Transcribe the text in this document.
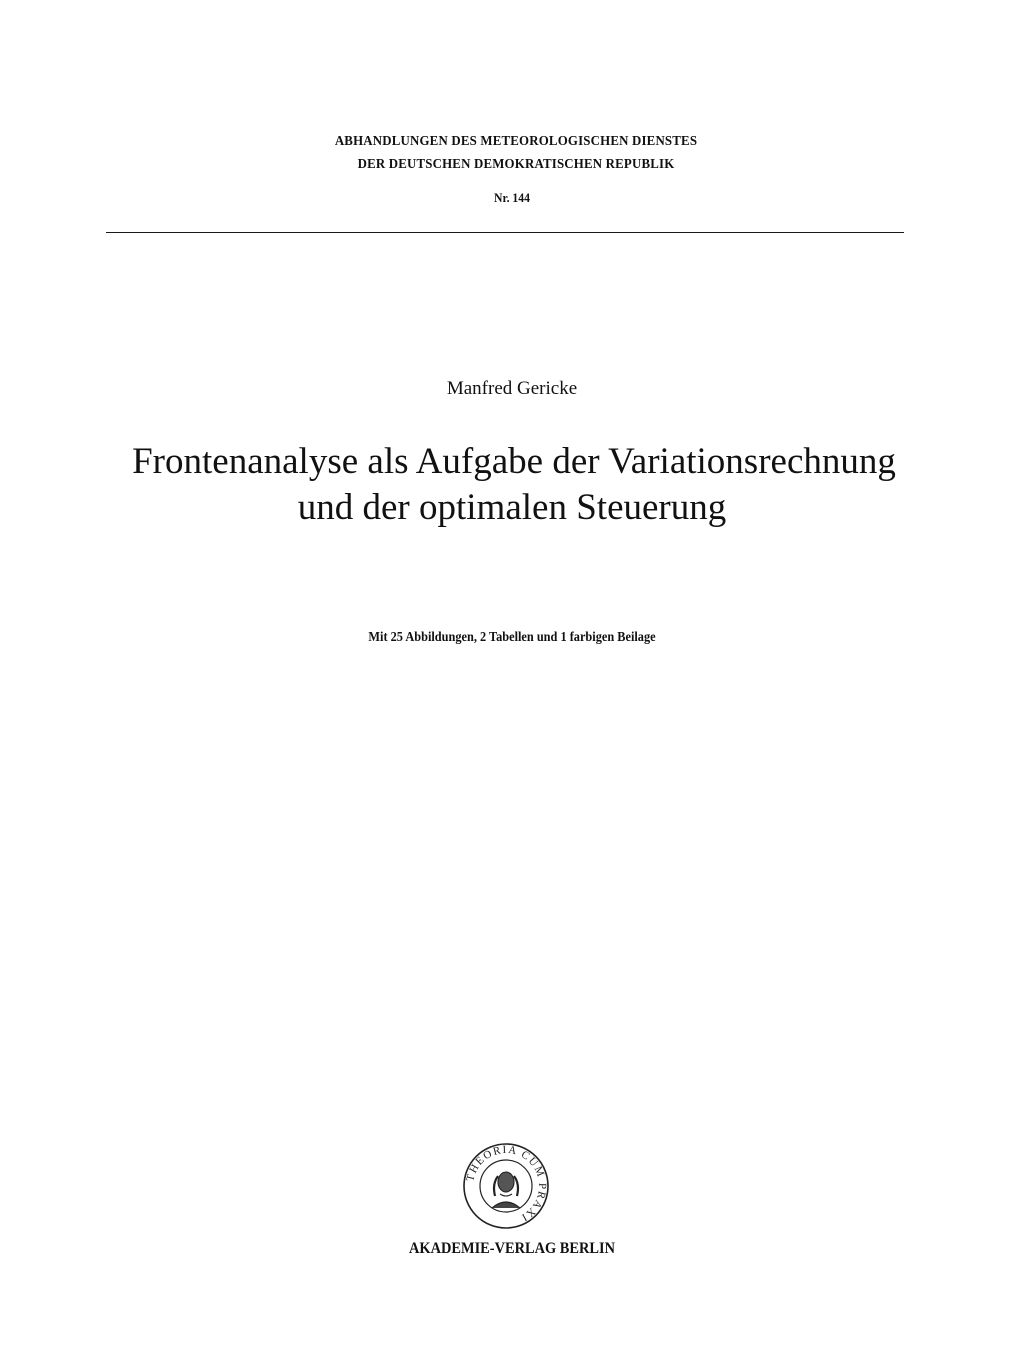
ABHANDLUNGEN DES METEOROLOGISCHEN DIENSTES
DER DEUTSCHEN DEMOKRATISCHEN REPUBLIK
Nr. 144
Manfred Gericke
Frontenanalyse als Aufgabe der Variationsrechnung
und der optimalen Steuerung
Mit 25 Abbildungen, 2 Tabellen und 1 farbigen Beilage
THEORIA CUM PRAXI
AKADEMIE-VERLAG BERLIN
